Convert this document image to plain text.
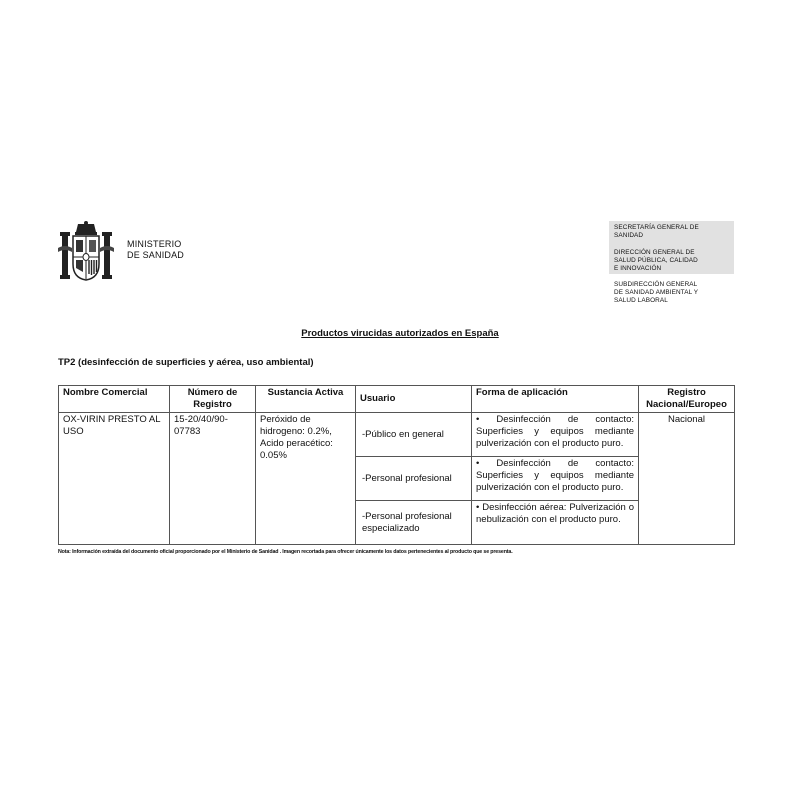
MINISTERIO
DE SANIDAD
SECRETARÍA GENERAL DE
SANIDAD
DIRECCIÓN GENERAL DE
SALUD PÚBLICA, CALIDAD
E INNOVACIÓN
SUBDIRECCIÓN GENERAL
DE SANIDAD AMBIENTAL Y
SALUD LABORAL
Productos virucidas autorizados en España
TP2 (desinfección de superficies y aérea, uso ambiental)
Nombre Comercial	Número de Registro	Sustancia Activa	Usuario	Forma de aplicación	Registro Nacional/Europeo
OX-VIRIN PRESTO AL USO	15-20/40/90-07783	Peróxido de hidrogeno: 0.2%, Acido peracético: 0.05%	-Público en general	• Desinfección de contacto: Superficies y equipos mediante pulverización con el producto puro.	Nacional
			-Personal profesional	• Desinfección de contacto: Superficies y equipos mediante pulverización con el producto puro.	
			-Personal profesional especializado	• Desinfección aérea: Pulverización o nebulización con el producto puro.	
Nota: Información extraída del documento oficial proporcionado por el Ministerio de Sanidad . Imagen recortada para ofrecer únicamente los datos pertenecientes al producto que se presenta.
